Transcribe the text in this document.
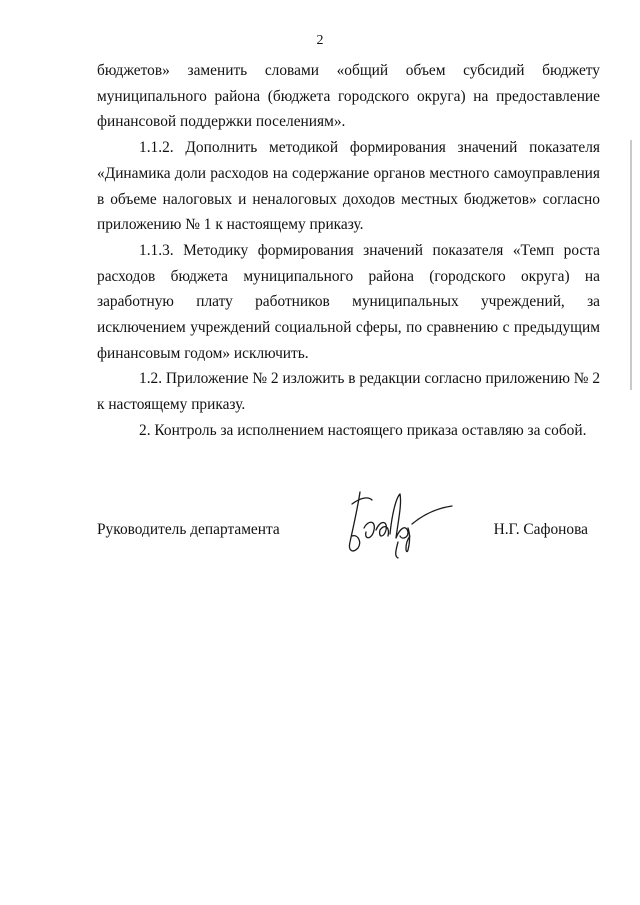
2

бюджетов» заменить словами «общий объем субсидий бюджету муниципального района (бюджета городского округа) на предоставление финансовой поддержки поселениям».

1.1.2. Дополнить методикой формирования значений показателя «Динамика доли расходов на содержание органов местного самоуправления в объеме налоговых и неналоговых доходов местных бюджетов» согласно приложению № 1 к настоящему приказу.

1.1.3. Методику формирования значений показателя «Темп роста расходов бюджета муниципального района (городского округа) на заработную плату работников муниципальных учреждений, за исключением учреждений социальной сферы, по сравнению с предыдущим финансовым годом» исключить.

1.2. Приложение № 2 изложить в редакции согласно приложению № 2 к настоящему приказу.

2. Контроль за исполнением настоящего приказа оставляю за собой.

Руководитель департамента	Н.Г. Сафонова
